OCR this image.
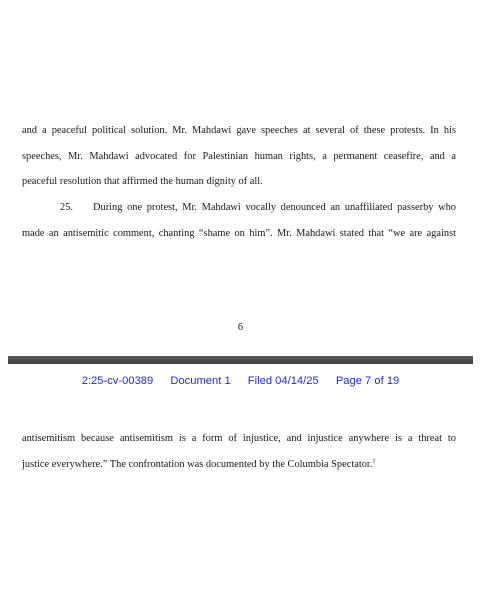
and a peaceful political solution. Mr. Mahdawi gave speeches at several of these protests. In his
speeches, Mr. Mahdawi advocated for Palestinian human rights, a permanent ceasefire, and a
peaceful resolution that affirmed the human dignity of all.
25. During one protest, Mr. Mahdawi vocally denounced an unaffiliated passerby who
made an antisemitic comment, chanting “shame on him”. Mr. Mahdawi stated that “we are against
6
2:25-cv-00389 Document 1 Filed 04/14/25 Page 7 of 19
antisemitism because antisemitism is a form of injustice, and injustice anywhere is a threat to
justice everywhere.” The confrontation was documented by the Columbia Spectator.$^1$
